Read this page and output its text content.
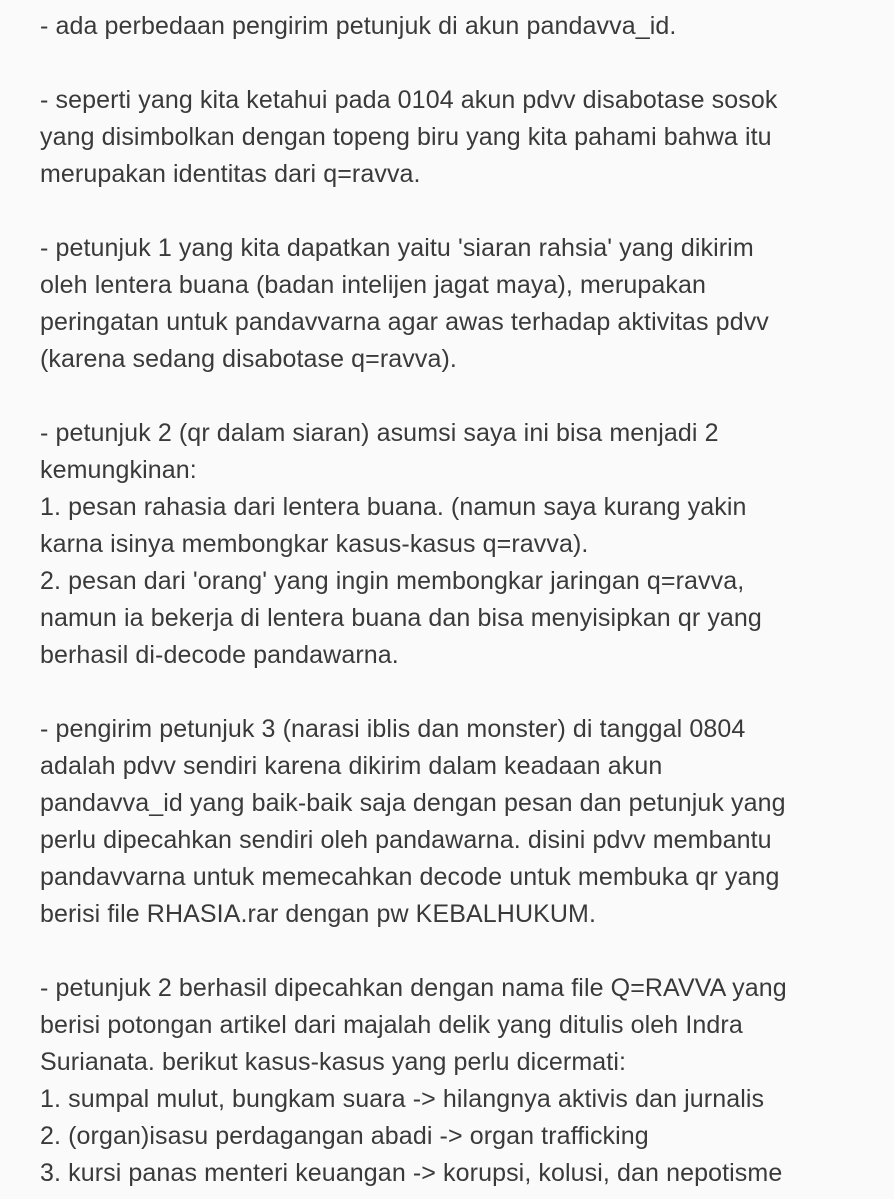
- ada perbedaan pengirim petunjuk di akun pandavva_id.
- seperti yang kita ketahui pada 0104 akun pdvv disabotase sosok
yang disimbolkan dengan topeng biru yang kita pahami bahwa itu
merupakan identitas dari q=ravva.
- petunjuk 1 yang kita dapatkan yaitu 'siaran rahsia' yang dikirim
oleh lentera buana (badan intelijen jagat maya), merupakan
peringatan untuk pandavvarna agar awas terhadap aktivitas pdvv
(karena sedang disabotase q=ravva).
- petunjuk 2 (qr dalam siaran) asumsi saya ini bisa menjadi 2
kemungkinan:
1. pesan rahasia dari lentera buana. (namun saya kurang yakin
karna isinya membongkar kasus-kasus q=ravva).
2. pesan dari 'orang' yang ingin membongkar jaringan q=ravva,
namun ia bekerja di lentera buana dan bisa menyisipkan qr yang
berhasil di-decode pandawarna.
- pengirim petunjuk 3 (narasi iblis dan monster) di tanggal 0804
adalah pdvv sendiri karena dikirim dalam keadaan akun
pandavva_id yang baik-baik saja dengan pesan dan petunjuk yang
perlu dipecahkan sendiri oleh pandawarna. disini pdvv membantu
pandavvarna untuk memecahkan decode untuk membuka qr yang
berisi file RHASIA.rar dengan pw KEBALHUKUM.
- petunjuk 2 berhasil dipecahkan dengan nama file Q=RAVVA yang
berisi potongan artikel dari majalah delik yang ditulis oleh Indra
Surianata. berikut kasus-kasus yang perlu dicermati:
1. sumpal mulut, bungkam suara -> hilangnya aktivis dan jurnalis
2. (organ)isasu perdagangan abadi -> organ trafficking
3. kursi panas menteri keuangan -> korupsi, kolusi, dan nepotisme
